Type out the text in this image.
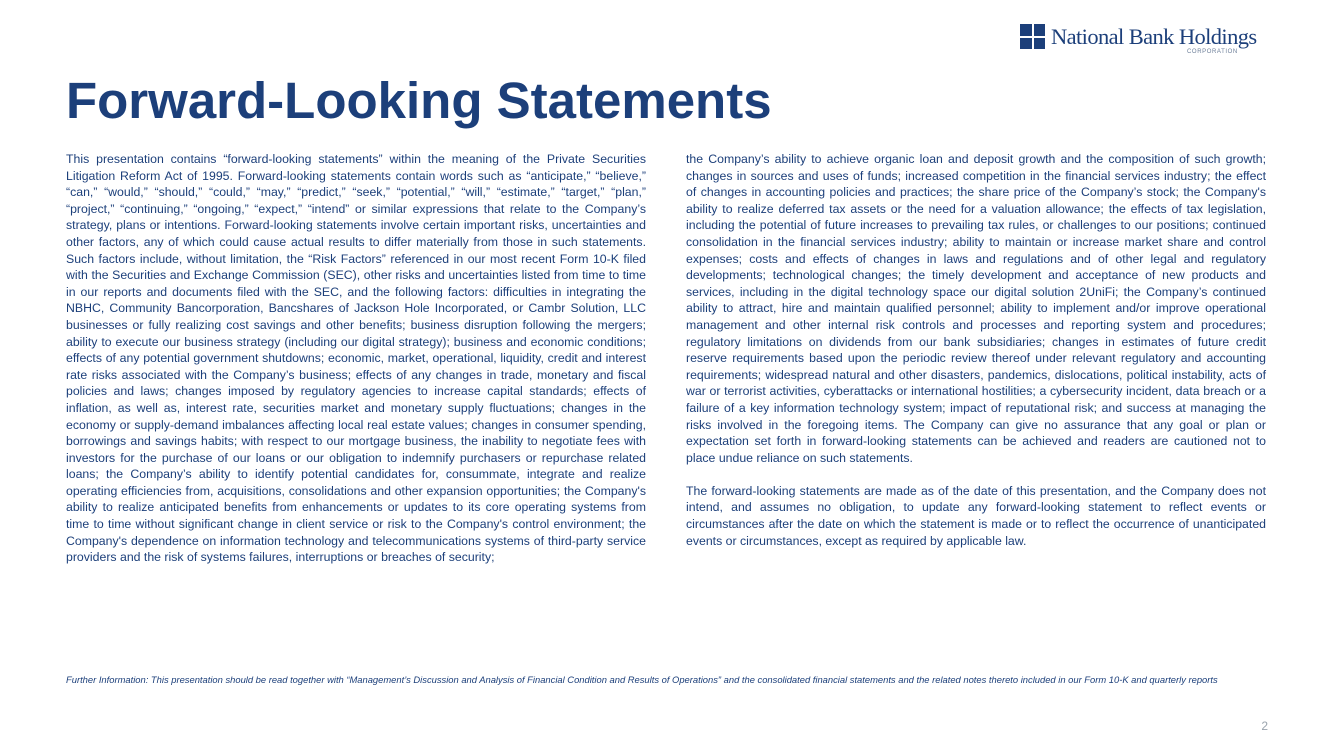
National Bank Holdings
CORPORATION
Forward-Looking Statements

This presentation contains “forward-looking statements” within the meaning of the Private Securities Litigation Reform Act of 1995. Forward-looking statements contain words such as “anticipate,” “believe,” “can,” “would,” “should,” “could,” “may,” “predict,” “seek,” “potential,” “will,” “estimate,” “target,” “plan,” “project,” “continuing,” “ongoing,” “expect,” “intend” or similar expressions that relate to the Company’s strategy, plans or intentions. Forward-looking statements involve certain important risks, uncertainties and other factors, any of which could cause actual results to differ materially from those in such statements. Such factors include, without limitation, the “Risk Factors” referenced in our most recent Form 10-K filed with the Securities and Exchange Commission (SEC), other risks and uncertainties listed from time to time in our reports and documents filed with the SEC, and the following factors: difficulties in integrating the NBHC, Community Bancorporation, Bancshares of Jackson Hole Incorporated, or Cambr Solution, LLC businesses or fully realizing cost savings and other benefits; business disruption following the mergers; ability to execute our business strategy (including our digital strategy); business and economic conditions; effects of any potential government shutdowns; economic, market, operational, liquidity, credit and interest rate risks associated with the Company’s business; effects of any changes in trade, monetary and fiscal policies and laws; changes imposed by regulatory agencies to increase capital standards; effects of inflation, as well as, interest rate, securities market and monetary supply fluctuations; changes in the economy or supply-demand imbalances affecting local real estate values; changes in consumer spending, borrowings and savings habits; with respect to our mortgage business, the inability to negotiate fees with investors for the purchase of our loans or our obligation to indemnify purchasers or repurchase related loans; the Company’s ability to identify potential candidates for, consummate, integrate and realize operating efficiencies from, acquisitions, consolidations and other expansion opportunities; the Company's ability to realize anticipated benefits from enhancements or updates to its core operating systems from time to time without significant change in client service or risk to the Company's control environment; the Company's dependence on information technology and telecommunications systems of third-party service providers and the risk of systems failures, interruptions or breaches of security;

the Company’s ability to achieve organic loan and deposit growth and the composition of such growth; changes in sources and uses of funds; increased competition in the financial services industry; the effect of changes in accounting policies and practices; the share price of the Company’s stock; the Company's ability to realize deferred tax assets or the need for a valuation allowance; the effects of tax legislation, including the potential of future increases to prevailing tax rules, or challenges to our positions; continued consolidation in the financial services industry; ability to maintain or increase market share and control expenses; costs and effects of changes in laws and regulations and of other legal and regulatory developments; technological changes; the timely development and acceptance of new products and services, including in the digital technology space our digital solution 2UniFi; the Company’s continued ability to attract, hire and maintain qualified personnel; ability to implement and/or improve operational management and other internal risk controls and processes and reporting system and procedures; regulatory limitations on dividends from our bank subsidiaries; changes in estimates of future credit reserve requirements based upon the periodic review thereof under relevant regulatory and accounting requirements; widespread natural and other disasters, pandemics, dislocations, political instability, acts of war or terrorist activities, cyberattacks or international hostilities; a cybersecurity incident, data breach or a failure of a key information technology system; impact of reputational risk; and success at managing the risks involved in the foregoing items. The Company can give no assurance that any goal or plan or expectation set forth in forward-looking statements can be achieved and readers are cautioned not to place undue reliance on such statements.

The forward-looking statements are made as of the date of this presentation, and the Company does not intend, and assumes no obligation, to update any forward-looking statement to reflect events or circumstances after the date on which the statement is made or to reflect the occurrence of unanticipated events or circumstances, except as required by applicable law.

Further Information: This presentation should be read together with “Management’s Discussion and Analysis of Financial Condition and Results of Operations” and the consolidated financial statements and the related notes thereto included in our Form 10-K and quarterly reports

2
